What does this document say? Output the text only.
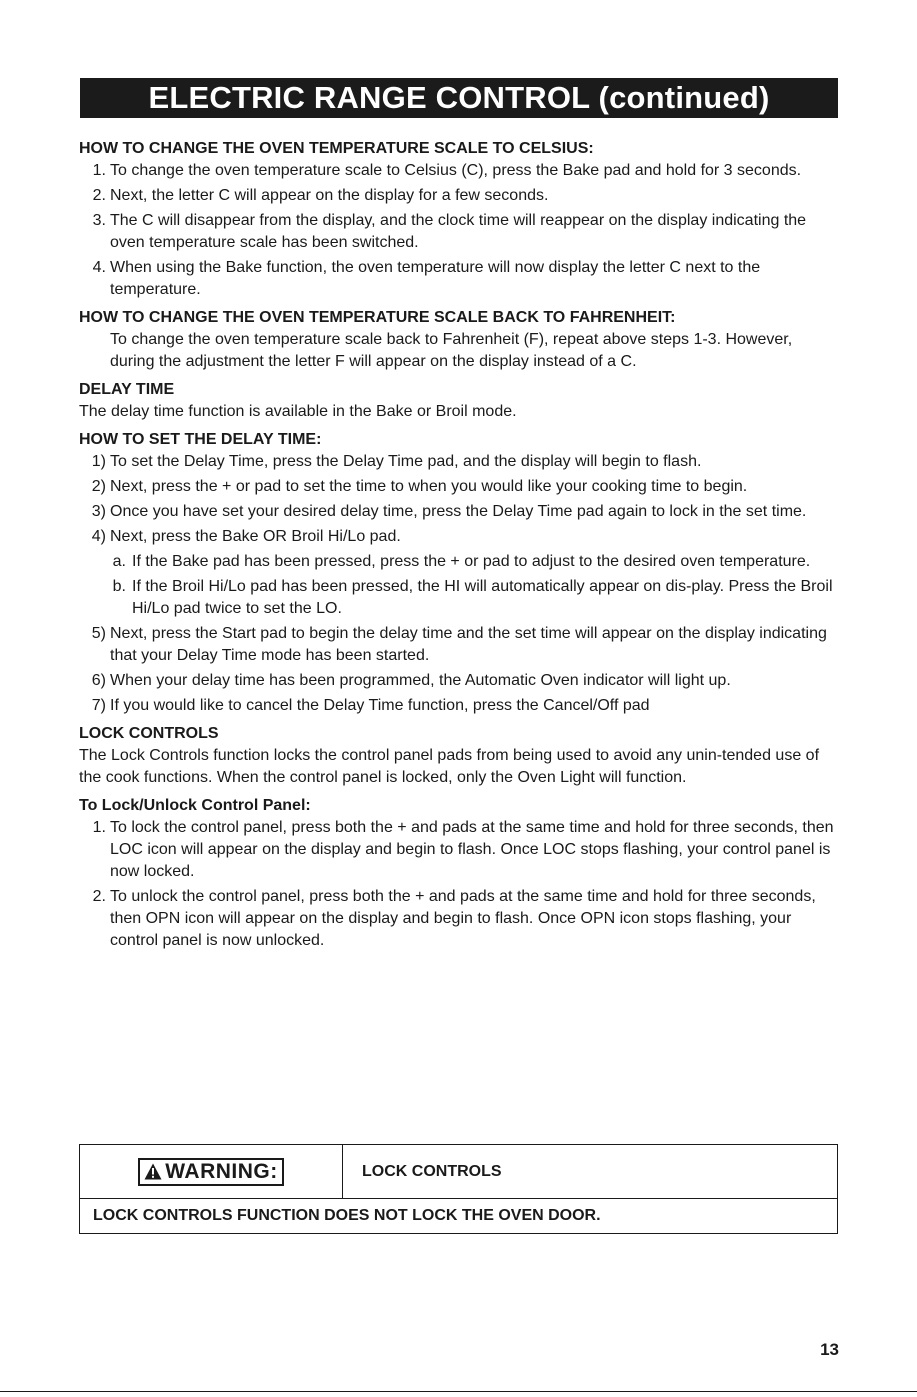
ELECTRIC RANGE CONTROL (continued)

HOW TO CHANGE THE OVEN TEMPERATURE SCALE TO CELSIUS:

1. To change the oven temperature scale to Celsius (C), press the Bake pad and hold for 3 seconds.
2. Next, the letter C will appear on the display for a few seconds.
3. The C will disappear from the display, and the clock time will reappear on the display indicating the oven temperature scale has been switched.
4. When using the Bake function, the oven temperature will now display the letter C next to the temperature.

HOW TO CHANGE THE OVEN TEMPERATURE SCALE BACK TO FAHRENHEIT:

To change the oven temperature scale back to Fahrenheit (F), repeat above steps 1-3. However, during the adjustment the letter F will appear on the display instead of a C.

DELAY TIME

The delay time function is available in the Bake or Broil mode.

HOW TO SET THE DELAY TIME:

1) To set the Delay Time, press the Delay Time pad, and the display will begin to flash.
2) Next, press the + or pad to set the time to when you would like your cooking time to begin.
3) Once you have set your desired delay time, press the Delay Time pad again to lock in the set time.
4) Next, press the Bake OR Broil Hi/Lo pad.
a. If the Bake pad has been pressed, press the + or pad to adjust to the desired oven temperature.
b. If the Broil Hi/Lo pad has been pressed, the HI will automatically appear on dis-play. Press the Broil Hi/Lo pad twice to set the LO.
5) Next, press the Start pad to begin the delay time and the set time will appear on the display indicating that your Delay Time mode has been started.
6) When your delay time has been programmed, the Automatic Oven indicator will light up.
7) If you would like to cancel the Delay Time function, press the Cancel/Off pad

LOCK CONTROLS

The Lock Controls function locks the control panel pads from being used to avoid any unin-tended use of the cook functions. When the control panel is locked, only the Oven Light will function.

To Lock/Unlock Control Panel:

1. To lock the control panel, press both the + and pads at the same time and hold for three seconds, then LOC icon will appear on the display and begin to flash. Once LOC stops flashing, your control panel is now locked.
2. To unlock the control panel, press both the + and pads at the same time and hold for three seconds, then OPN icon will appear on the display and begin to flash. Once OPN icon stops flashing, your control panel is now unlocked.
WARNING:	LOCK CONTROLS
LOCK CONTROLS FUNCTION DOES NOT LOCK THE OVEN DOOR.
13
